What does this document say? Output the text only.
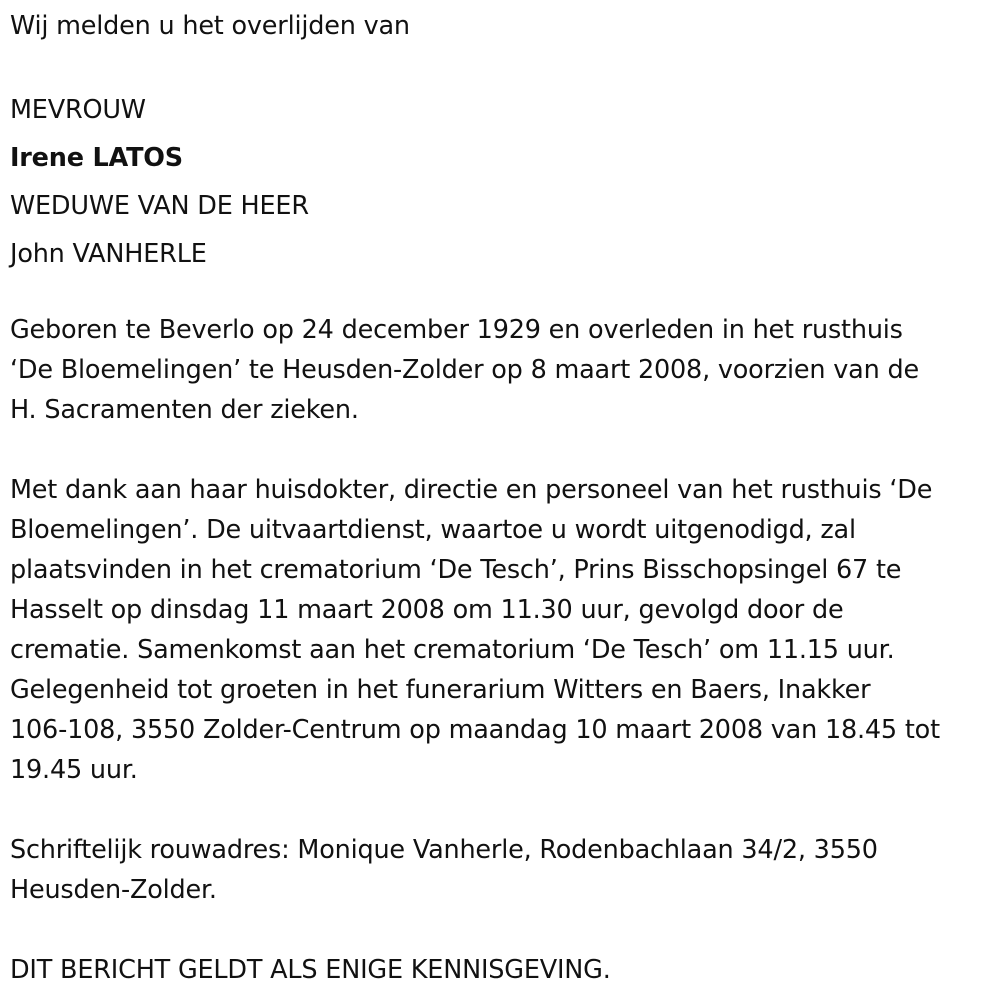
Wij melden u het overlijden van
MEVROUW
Irene LATOS
WEDUWE VAN DE HEER
John VANHERLE
Geboren te Beverlo op 24 december 1929 en overleden in het rusthuis
‘De Bloemelingen’ te Heusden-Zolder op 8 maart 2008, voorzien van de
H. Sacramenten der zieken.
Met dank aan haar huisdokter, directie en personeel van het rusthuis ‘De
Bloemelingen’. De uitvaartdienst, waartoe u wordt uitgenodigd, zal
plaatsvinden in het crematorium ‘De Tesch’, Prins Bisschopsingel 67 te
Hasselt op dinsdag 11 maart 2008 om 11.30 uur, gevolgd door de
crematie. Samenkomst aan het crematorium ‘De Tesch’ om 11.15 uur.
Gelegenheid tot groeten in het funerarium Witters en Baers, Inakker
106-108, 3550 Zolder-Centrum op maandag 10 maart 2008 van 18.45 tot
19.45 uur.
Schriftelijk rouwadres: Monique Vanherle, Rodenbachlaan 34/2, 3550
Heusden-Zolder.
DIT BERICHT GELDT ALS ENIGE KENNISGEVING.
